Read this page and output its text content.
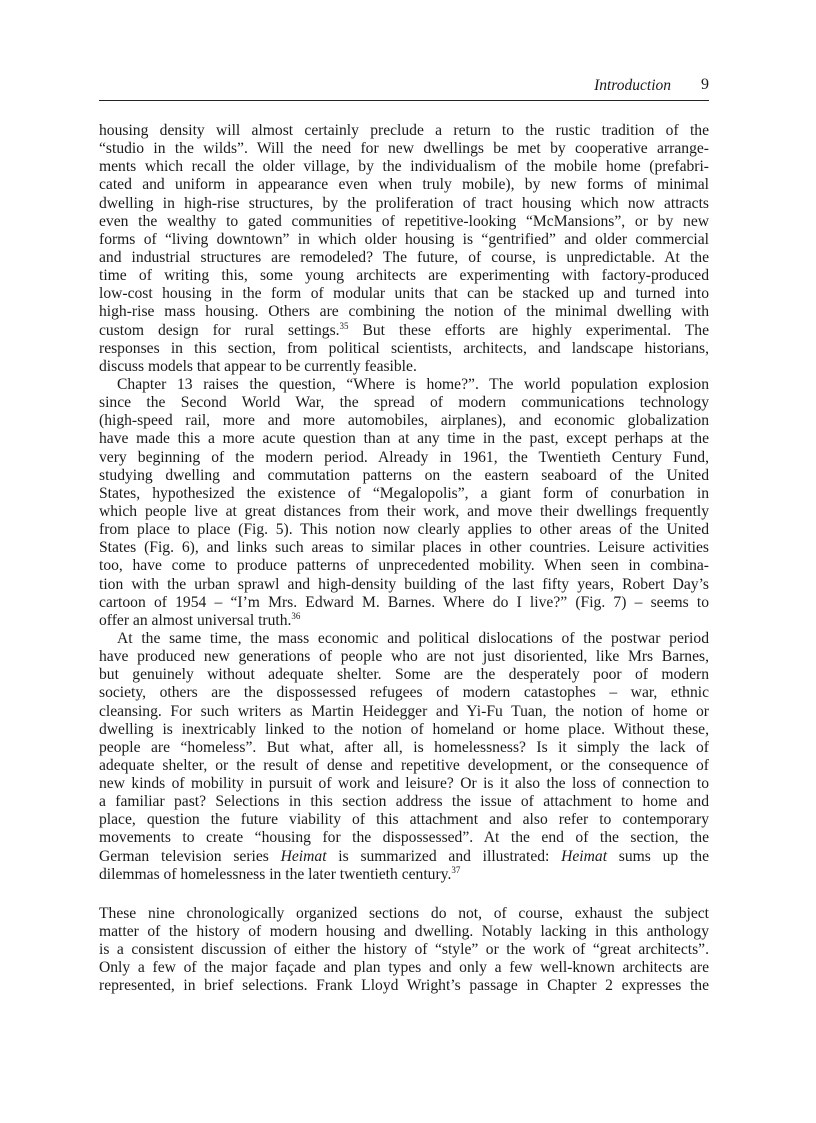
Introduction 9
housing density will almost certainly preclude a return to the rustic tradition of the
“studio in the wilds”. Will the need for new dwellings be met by cooperative arrange-
ments which recall the older village, by the individualism of the mobile home (prefabri-
cated and uniform in appearance even when truly mobile), by new forms of minimal
dwelling in high-rise structures, by the proliferation of tract housing which now attracts
even the wealthy to gated communities of repetitive-looking “McMansions”, or by new
forms of “living downtown” in which older housing is “gentrified” and older commercial
and industrial structures are remodeled? The future, of course, is unpredictable. At the
time of writing this, some young architects are experimenting with factory-produced
low-cost housing in the form of modular units that can be stacked up and turned into
high-rise mass housing. Others are combining the notion of the minimal dwelling with
custom design for rural settings.$^{35}$ But these efforts are highly experimental. The
responses in this section, from political scientists, architects, and landscape historians,
discuss models that appear to be currently feasible.
Chapter 13 raises the question, “Where is home?”. The world population explosion
since the Second World War, the spread of modern communications technology
(high-speed rail, more and more automobiles, airplanes), and economic globalization
have made this a more acute question than at any time in the past, except perhaps at the
very beginning of the modern period. Already in 1961, the Twentieth Century Fund,
studying dwelling and commutation patterns on the eastern seaboard of the United
States, hypothesized the existence of “Megalopolis”, a giant form of conurbation in
which people live at great distances from their work, and move their dwellings frequently
from place to place (Fig. 5). This notion now clearly applies to other areas of the United
States (Fig. 6), and links such areas to similar places in other countries. Leisure activities
too, have come to produce patterns of unprecedented mobility. When seen in combina-
tion with the urban sprawl and high-density building of the last fifty years, Robert Day’s
cartoon of 1954 – “I’m Mrs. Edward M. Barnes. Where do I live?” (Fig. 7) – seems to
offer an almost universal truth.$^{36}$
At the same time, the mass economic and political dislocations of the postwar period
have produced new generations of people who are not just disoriented, like Mrs Barnes,
but genuinely without adequate shelter. Some are the desperately poor of modern
society, others are the dispossessed refugees of modern catastophes – war, ethnic
cleansing. For such writers as Martin Heidegger and Yi-Fu Tuan, the notion of home or
dwelling is inextricably linked to the notion of homeland or home place. Without these,
people are “homeless”. But what, after all, is homelessness? Is it simply the lack of
adequate shelter, or the result of dense and repetitive development, or the consequence of
new kinds of mobility in pursuit of work and leisure? Or is it also the loss of connection to
a familiar past? Selections in this section address the issue of attachment to home and
place, question the future viability of this attachment and also refer to contemporary
movements to create “housing for the dispossessed”. At the end of the section, the
German television series Heimat is summarized and illustrated: Heimat sums up the
dilemmas of homelessness in the later twentieth century.$^{37}$
These nine chronologically organized sections do not, of course, exhaust the subject
matter of the history of modern housing and dwelling. Notably lacking in this anthology
is a consistent discussion of either the history of “style” or the work of “great architects”.
Only a few of the major façade and plan types and only a few well-known architects are
represented, in brief selections. Frank Lloyd Wright’s passage in Chapter 2 expresses the
